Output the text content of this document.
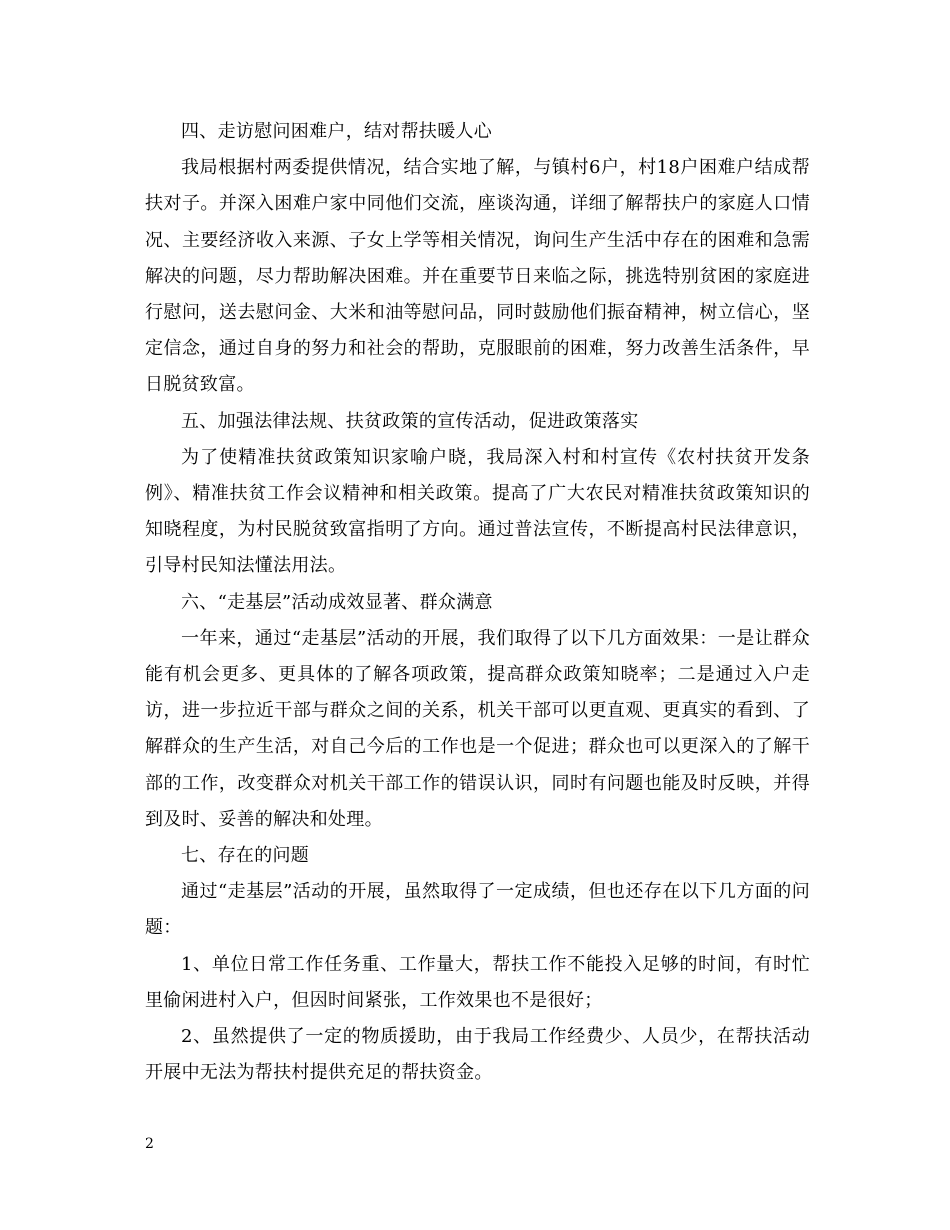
四、走访慰问困难户，结对帮扶暖人心

我局根据村两委提供情况，结合实地了解，与镇村6户，村18户困难户结成帮扶对子。并深入困难户家中同他们交流，座谈沟通，详细了解帮扶户的家庭人口情况、主要经济收入来源、子女上学等相关情况，询问生产生活中存在的困难和急需解决的问题，尽力帮助解决困难。并在重要节日来临之际，挑选特别贫困的家庭进行慰问，送去慰问金、大米和油等慰问品，同时鼓励他们振奋精神，树立信心，坚定信念，通过自身的努力和社会的帮助，克服眼前的困难，努力改善生活条件，早日脱贫致富。

五、加强法律法规、扶贫政策的宣传活动，促进政策落实

为了使精准扶贫政策知识家喻户晓，我局深入村和村宣传《农村扶贫开发条例》、精准扶贫工作会议精神和相关政策。提高了广大农民对精准扶贫政策知识的知晓程度，为村民脱贫致富指明了方向。通过普法宣传，不断提高村民法律意识，引导村民知法懂法用法。

六、“走基层”活动成效显著、群众满意

一年来，通过“走基层”活动的开展，我们取得了以下几方面效果：一是让群众能有机会更多、更具体的了解各项政策，提高群众政策知晓率；二是通过入户走访，进一步拉近干部与群众之间的关系，机关干部可以更直观、更真实的看到、了解群众的生产生活，对自己今后的工作也是一个促进；群众也可以更深入的了解干部的工作，改变群众对机关干部工作的错误认识，同时有问题也能及时反映，并得到及时、妥善的解决和处理。

七、存在的问题

通过“走基层”活动的开展，虽然取得了一定成绩，但也还存在以下几方面的问题：

1、单位日常工作任务重、工作量大，帮扶工作不能投入足够的时间，有时忙里偷闲进村入户，但因时间紧张，工作效果也不是很好；

2、虽然提供了一定的物质援助，由于我局工作经费少、人员少，在帮扶活动开展中无法为帮扶村提供充足的帮扶资金。

2
